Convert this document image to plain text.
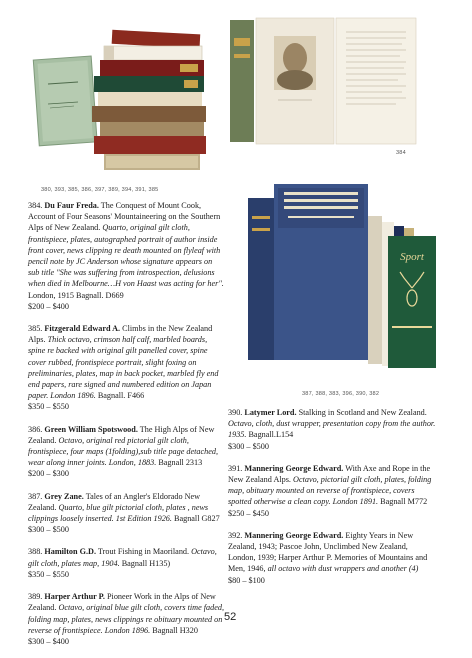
384
Sport
380, 393, 385, 386, 397, 389, 394, 391, 385
387, 388, 383, 396, 390, 382
384. Du Faur Freda. The Conquest of Mount Cook, Account of Four Seasons' Mountaineering on the Southern Alps of New Zealand. Quarto, original gilt cloth, frontispiece, plates, autographed portrait of author inside front cover, news clipping re death mounted on flyleaf with pencil note by JC Anderson whose signature appears on sub title "She was suffering from introspection, delusions when died in Melbourne…H von Haast was acting for her". London, 1915 Bagnall. D669
$200 – $400
385. Fitzgerald Edward A. Climbs in the New Zealand Alps. Thick octavo, crimson half calf, marbled boards, spine re backed with original gilt panelled cover, spine cover rubbed, frontispiece portrait, slight foxing on preliminaries, plates, map in back pocket, marbled fly end end papers, rare signed and numbered edition on Japan paper. London 1896. Bagnall. F466
$350 – $550
386. Green William Spotswood. The High Alps of New Zealand. Octavo, original red pictorial gilt cloth, frontispiece, four maps (1folding),sub title page detached, wear along inner joints. London, 1883. Bagnall 2313
$200 – $300
387. Grey Zane. Tales of an Angler's Eldorado New Zealand. Quarto, blue gilt pictorial cloth, plates , news clippings loosely inserted. 1st Edition 1926. Bagnall G827
$300 – $500
388. Hamilton G.D. Trout Fishing in Maoriland. Octavo, gilt cloth, plates map, 1904. Bagnall H135)
$350 – $550
389. Harper Arthur P. Pioneer Work in the Alps of New Zealand. Octavo, original blue gilt cloth, covers time faded, folding map, plates, news clippings re obituary mounted on reverse of frontispiece. London 1896. Bagnall H320
$300 – $400
390. Latymer Lord. Stalking in Scotland and New Zealand. Octavo, cloth, dust wrapper, presentation copy from the author. 1935. Bagnall.L154
$300 – $500
391. Mannering George Edward. With Axe and Rope in the New Zealand Alps. Octavo, pictorial gilt cloth, plates, folding map, obituary mounted on reverse of frontispiece, covers spotted otherwise a clean copy. London 1891. Bagnall M772
$250 – $450
392. Mannering George Edward. Eighty Years in New Zealand, 1943; Pascoe John, Unclimbed New Zealand, London, 1939; Harper Arthur P. Memories of Mountains and Men, 1946, all octavo with dust wrappers and another (4)
$80 – $100
52
